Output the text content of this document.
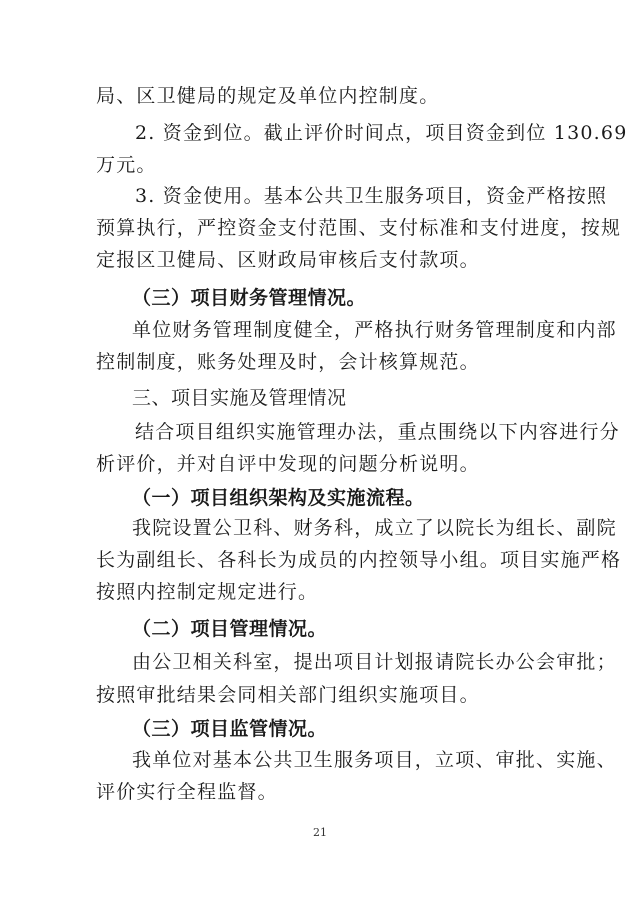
局、区卫健局的规定及单位内控制度。
2. 资金到位。截止评价时间点，项目资金到位 130.69
万元。
3. 资金使用。基本公共卫生服务项目，资金严格按照
预算执行，严控资金支付范围、支付标准和支付进度，按规
定报区卫健局、区财政局审核后支付款项。
（三）项目财务管理情况。
单位财务管理制度健全，严格执行财务管理制度和内部
控制制度，账务处理及时，会计核算规范。
三、项目实施及管理情况
结合项目组织实施管理办法，重点围绕以下内容进行分
析评价，并对自评中发现的问题分析说明。
（一）项目组织架构及实施流程。
我院设置公卫科、财务科，成立了以院长为组长、副院
长为副组长、各科长为成员的内控领导小组。项目实施严格
按照内控制定规定进行。
（二）项目管理情况。
由公卫相关科室，提出项目计划报请院长办公会审批；
按照审批结果会同相关部门组织实施项目。
（三）项目监管情况。
我单位对基本公共卫生服务项目，立项、审批、实施、
评价实行全程监督。
21
